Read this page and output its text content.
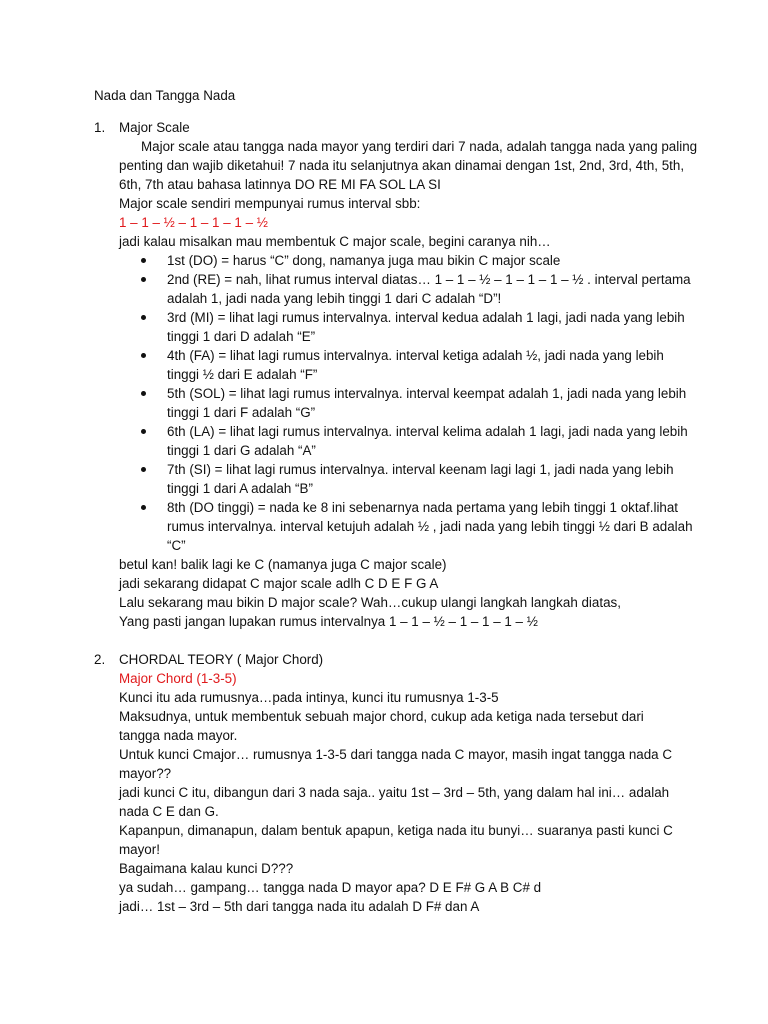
Nada dan Tangga Nada
1. Major Scale
Major scale atau tangga nada mayor yang terdiri dari 7 nada, adalah tangga nada yang paling
penting dan wajib diketahui! 7 nada itu selanjutnya akan dinamai dengan 1st, 2nd, 3rd, 4th, 5th,
6th, 7th atau bahasa latinnya DO RE MI FA SOL LA SI
Major scale sendiri mempunyai rumus interval sbb:
1 – 1 – ½ – 1 – 1 – 1 – ½
jadi kalau misalkan mau membentuk C major scale, begini caranya nih…
1st (DO) = harus “C” dong, namanya juga mau bikin C major scale
2nd (RE) = nah, lihat rumus interval diatas… 1 – 1 – ½ – 1 – 1 – 1 – ½ . interval pertama
adalah 1, jadi nada yang lebih tinggi 1 dari C adalah “D”!
3rd (MI) = lihat lagi rumus intervalnya. interval kedua adalah 1 lagi, jadi nada yang lebih
tinggi 1 dari D adalah “E”
4th (FA) = lihat lagi rumus intervalnya. interval ketiga adalah ½, jadi nada yang lebih
tinggi ½ dari E adalah “F”
5th (SOL) = lihat lagi rumus intervalnya. interval keempat adalah 1, jadi nada yang lebih
tinggi 1 dari F adalah “G”
6th (LA) = lihat lagi rumus intervalnya. interval kelima adalah 1 lagi, jadi nada yang lebih
tinggi 1 dari G adalah “A”
7th (SI) = lihat lagi rumus intervalnya. interval keenam lagi lagi 1, jadi nada yang lebih
tinggi 1 dari A adalah “B”
8th (DO tinggi) = nada ke 8 ini sebenarnya nada pertama yang lebih tinggi 1 oktaf.lihat
rumus intervalnya. interval ketujuh adalah ½ , jadi nada yang lebih tinggi ½ dari B adalah
“C”
betul kan! balik lagi ke C (namanya juga C major scale)
jadi sekarang didapat C major scale adlh C D E F G A
Lalu sekarang mau bikin D major scale? Wah…cukup ulangi langkah langkah diatas,
Yang pasti jangan lupakan rumus intervalnya 1 – 1 – ½ – 1 – 1 – 1 – ½
2. CHORDAL TEORY ( Major Chord)
Major Chord (1-3-5)
Kunci itu ada rumusnya…pada intinya, kunci itu rumusnya 1-3-5
Maksudnya, untuk membentuk sebuah major chord, cukup ada ketiga nada tersebut dari
tangga nada mayor.
Untuk kunci Cmajor… rumusnya 1-3-5 dari tangga nada C mayor, masih ingat tangga nada C
mayor??
jadi kunci C itu, dibangun dari 3 nada saja.. yaitu 1st – 3rd – 5th, yang dalam hal ini… adalah
nada C E dan G.
Kapanpun, dimanapun, dalam bentuk apapun, ketiga nada itu bunyi… suaranya pasti kunci C
mayor!
Bagaimana kalau kunci D???
ya sudah… gampang… tangga nada D mayor apa? D E F# G A B C# d
jadi… 1st – 3rd – 5th dari tangga nada itu adalah D F# dan A
